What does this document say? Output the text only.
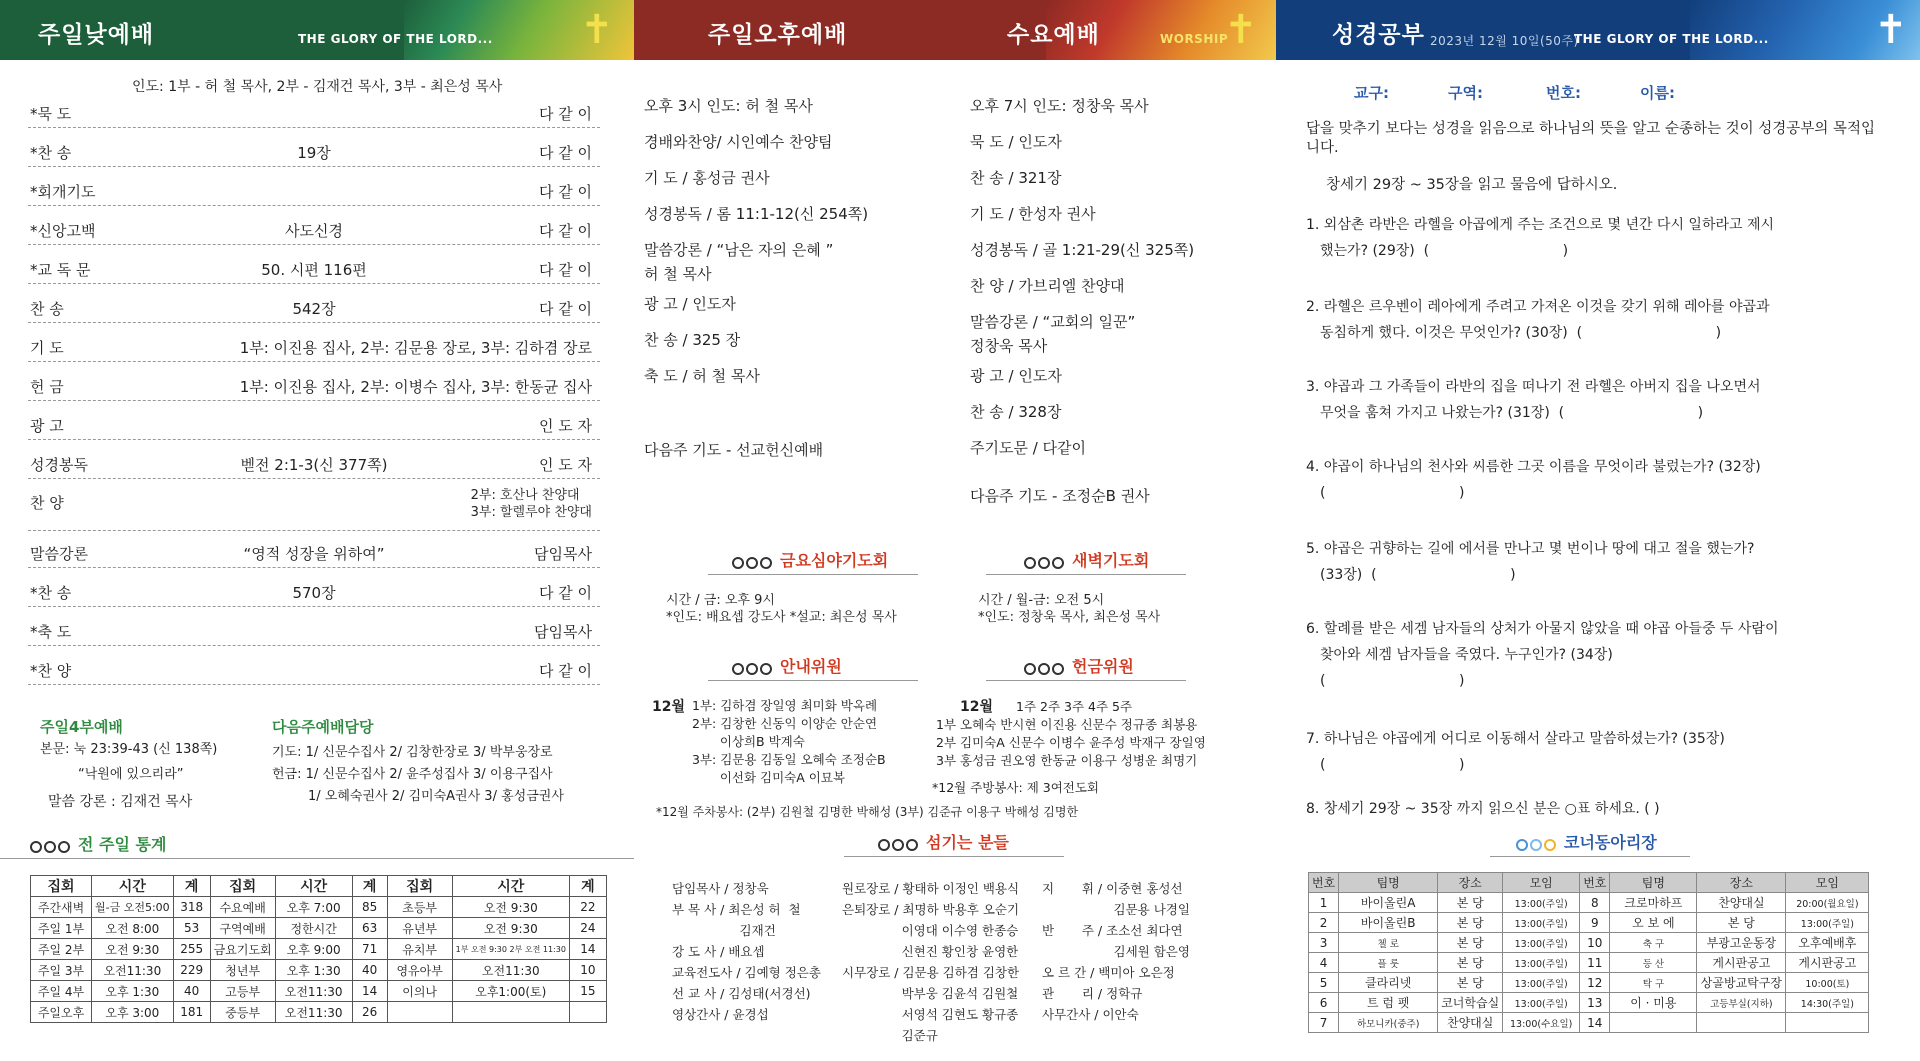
주일낮예배	THE GLORY OF THE LORD... ✝
인도: 1부 - 허 철 목사, 2부 - 김재건 목사, 3부 - 최은성 목사
*묵 도	다 같 이
*찬 송	19장	다 같 이
*회개기도	다 같 이
*신앙고백	사도신경	다 같 이
*교 독 문	50. 시편 116편	다 같 이
찬 송	542장	다 같 이
기 도	1부: 이진용 집사, 2부: 김문용 장로, 3부: 김하겸 장로
헌 금	1부: 이진용 집사, 2부: 이병수 집사, 3부: 한동균 집사
광 고	인 도 자
성경봉독	벧전 2:1-3(신 377쪽)	인 도 자
찬 양	2부: 호산나 찬양대
3부: 할렐루야 찬양대
말씀강론	“영적 성장을 위하여”	담임목사
*찬 송	570장	다 같 이
*축 도	담임목사
*찬 양	다 같 이
주일4부예배
본문: 눅 23:39-43 (신 138쪽)
“낙원에 있으리라”
말씀 강론 : 김재건 목사
다음주예배담당
기도: 1/ 신문수집사 2/ 김창한장로 3/ 박부웅장로
헌금: 1/ 신문수집사 2/ 윤주성집사 3/ 이용구집사
1/ 오혜숙권사 2/ 김미숙A권사 3/ 홍성금권사
전 주일 통계
집회	시간	계	집회	시간	계	집회	시간	계
주간새벽	월-금 오전5:00	318	수요예배	오후 7:00	85	초등부	오전 9:30	22
주일 1부	오전 8:00	53	구역예배	정한시간	63	유년부	오전 9:30	24
주일 2부	오전 9:30	255	금요기도회	오후 9:00	71	유치부	1부 오전 9:30 2부 오전 11:30	14
주일 3부	오전11:30	229	청년부	오후 1:30	40	영유아부	오전11:30	10
주일 4부	오후 1:30	40	고등부	오전11:30	14	이의나	오후1:00(토)	15
주일오후	오후 3:00	181	중등부	오전11:30	26			
주일오후예배	수요예배	WORSHIP
✝
오후 3시 인도: 허 철 목사
경배와찬양/ 시인예수 찬양팀
기 도 / 홍성금 권사
성경봉독 / 롬 11:1-12(신 254쪽)
말씀강론 / “남은 자의 은혜 ”
허 철 목사
광 고 / 인도자
찬 송 / 325 장
축 도 / 허 철 목사
다음주 기도 - 선교헌신예배
오후 7시 인도: 정창욱 목사
묵 도 / 인도자
찬 송 / 321장
기 도 / 한성자 권사
성경봉독 / 골 1:21-29(신 325쪽)
찬 양 / 가브리엘 찬양대
말씀강론 / “교회의 일꾼”
정창욱 목사
광 고 / 인도자
찬 송 / 328장
주기도문 / 다같이
다음주 기도 - 조정순B 권사
금요심야기도회
시간 / 금: 오후 9시
*인도: 배요셉 강도사 *설교: 최은성 목사
새벽기도회
시간 / 월-금: 오전 5시
*인도: 정창욱 목사, 최은성 목사
안내위원
12월 1부: 김하겸 장일영 최미화 박옥례
2부: 김창한 신동익 이양순 안순연
이상희B 박계숙
3부: 김문용 김동일 오혜숙 조정순B
이선화 김미숙A 이묘복
헌금위원
12월 1주 2주 3주 4주 5주
1부 오혜숙 반시현 이진용 신문수 정규종 최봉용
2부 김미숙A 신문수 이병수 윤주성 박재구 장일영
3부 홍성금 권오영 한동균 이용구 성병운 최명기
*12월 주방봉사: 제 3여전도회
*12월 주차봉사: (2부) 김원철 김명한 박해성 (3부) 김준규 이용구 박해성 김명한
섬기는 분들
담임목사 / 정창욱
부 목 사 / 최은성 허  철
김재건
강 도 사 / 배요셉
교육전도사 / 김예형 정은총
선 교 사 / 김성태(서경선)
영상간사 / 윤경섭
원로장로 / 황태하 이정인 백용식
은퇴장로 / 최명하 박용후 오순기
이영대 이수영 한종승
신현진 황인창 윤영한
시무장로 / 김문용 김하겸 김창한
박부웅 김윤석 김원철
서영석 김현도 황규종
김준규
지       휘 / 이중현 홍성선
김문용 나경일
반       주 / 조소선 최다연
김세원 함은영
오 르 간 / 백미아 오은정
관       리 / 정학규
사무간사 / 이안숙
성경공부 2023년 12월 10일(50주)
THE GLORY OF THE LORD...	✝
교구:	구역:	번호:	이름:
답을 맞추기 보다는 성경을 읽음으로 하나님의 뜻을 알고 순종하는 것이 성경공부의 목적입니다.
창세기 29장 ~ 35장을 읽고 물음에 답하시오.
1. 외삼촌 라반은 라헬을 아곱에게 주는 조건으로 몇 년간 다시 일하라고 제시
했는가? (29장)  (                              )
2. 라헬은 르우벤이 레아에게 주려고 가져온 이것을 갖기 위해 레아를 야곱과
동침하게 했다. 이것은 무엇인가? (30장)  (                              )
3. 야곱과 그 가족들이 라반의 집을 떠나기 전 라헬은 아버지 집을 나오면서
무엇을 훔쳐 가지고 나왔는가? (31장)  (                              )
4. 야곱이 하나님의 천사와 씨름한 그곳 이름을 무엇이라 불렀는가? (32장)
(                              )
5. 야곱은 귀향하는 길에 에서를 만나고 몇 번이나 땅에 대고 절을 했는가?
(33장)  (                              )
6. 할례를 받은 세겜 남자들의 상처가 아물지 않았을 때 야곱 아들중 두 사람이
찾아와 세겜 남자들을 죽였다. 누구인가? (34장)
(                              )
7. 하나님은 야곱에게 어디로 이동해서 살라고 말씀하셨는가? (35장)
(                              )
8. 창세기 29장 ~ 35장 까지 읽으신 분은 ○표 하세요. ( )
코너동아리장
번호	팀명	장소	모임	번호	팀명	장소	모임
1	바이올린A	본 당	13:00(주일)	8	크로마하프	찬양대실	20:00(월요일)
2	바이올린B	본 당	13:00(주일)	9	오 보 에	본 당	13:00(주일)
3	첼 로	본 당	13:00(주일)	10	축 구	부광고운동장	오후예배후
4	플 룻	본 당	13:00(주일)	11	등 산	게시판공고	게시판공고
5	클라리넷	본 당	13:00(주일)	12	탁 구	상골방교탁구장	10:00(토)
6	트 럼 펫	코너학습실	13:00(주일)	13	이 · 미용	고등부실(지하)	14:30(주일)
7	하모니카(중주)	찬양대실	13:00(수요일)	14			
